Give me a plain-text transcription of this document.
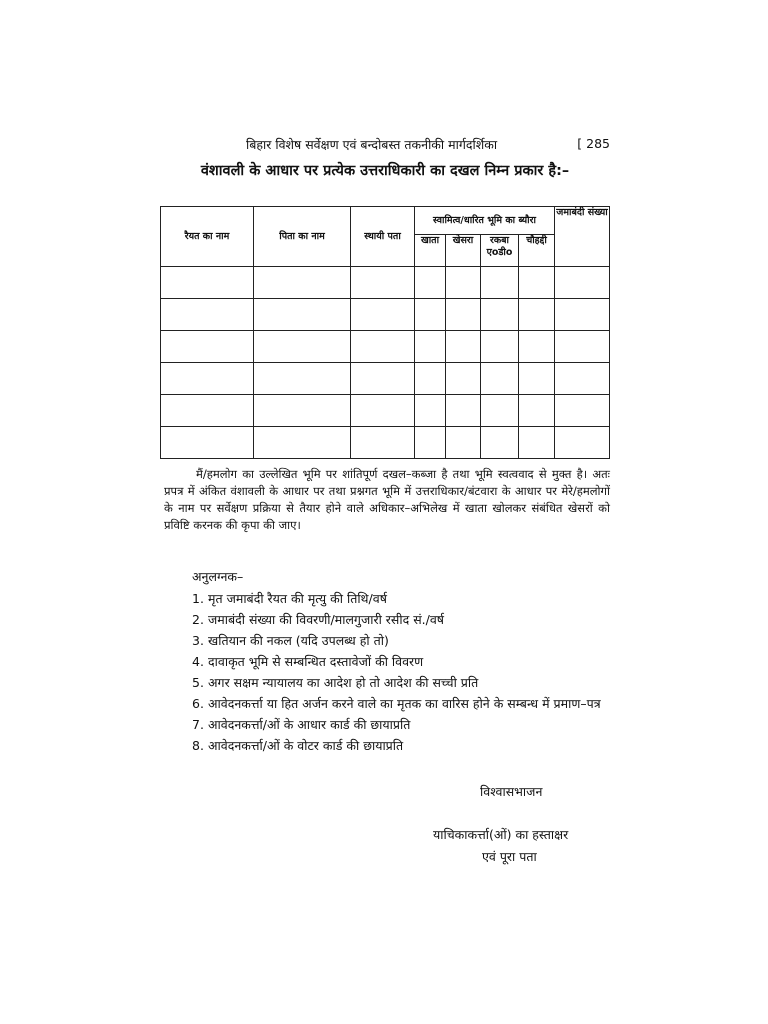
बिहार विशेष सर्वेक्षण एवं बन्दोबस्त तकनीकी मार्गदर्शिका	[ 285
वंशावली के आधार पर प्रत्येक उत्तराधिकारी का दखल निम्न प्रकार है:–
रैयत का नाम	पिता का नाम	स्थायी पता	स्वामित्व/धारित भूमि का ब्यौरा				जमाबंदी संख्या
			खाता	खेसरा	रकबा एoडीo	चौहद्दी	

मैं/हमलोग का उल्लेखित भूमि पर शांतिपूर्ण दखल–कब्जा है तथा भूमि स्वत्ववाद से मुक्त है। अतः प्रपत्र में अंकित वंशावली के आधार पर तथा प्रश्नगत भूमि में उत्तराधिकार/बंटवारा के आधार पर मेरे/हमलोगों के नाम पर सर्वेक्षण प्रक्रिया से तैयार होने वाले अधिकार–अभिलेख में खाता खोलकर संबंधित खेसरों को प्रविष्टि करनक की कृपा की जाए।

अनुलग्नक–
1. मृत जमाबंदी रैयत की मृत्यु की तिथि/वर्ष
2. जमाबंदी संख्या की विवरणी/मालगुजारी रसीद सं./वर्ष
3. खतियान की नकल (यदि उपलब्ध हो तो)
4. दावाकृत भूमि से सम्बन्धित दस्तावेजों की विवरण
5. अगर सक्षम न्यायालय का आदेश हो तो आदेश की सच्ची प्रति
6. आवेदनकर्त्ता या हित अर्जन करने वाले का मृतक का वारिस होने के सम्बन्ध में प्रमाण–पत्र
7. आवेदनकर्त्ता/ओं के आधार कार्ड की छायाप्रति
8. आवेदनकर्त्ता/ओं के वोटर कार्ड की छायाप्रति
विश्वासभाजन
याचिकाकर्त्ता(ओं) का हस्ताक्षर
एवं पूरा पता
